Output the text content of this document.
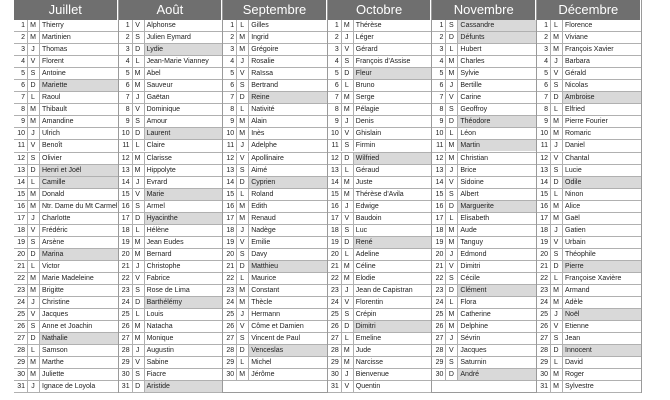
Juillet
1 M Thierry
2 M Martinien
3 J	Thomas
4 V Florent
5 S Antoine
6 D Mariette
7 L	Raoul
8 M Thibault
9 M Amandine
10 J	Ulrich
11 V Benoît
12 S Olivier
13 D Henri et Joël
14 L	Camille
15 M Donald
16 M Ntr. Dame du Mt Carmel
17 J	Charlotte
18 V Frédéric
19 S Arsène
20 D Marina
21 L	Victor
22 M Marie Madeleine
23 M Brigitte
24 J	Christine
25 V Jacques
26 S Anne et Joachin
27 D Nathalie
28 L	Samson
29 M Marthe
30 M Juliette
31 J	Ignace de Loyola
Août
1 V Alphonse
2 S Julien Eymard
3 D Lydie
4 L	Jean-Marie Vianney
5 M Abel
6 M Sauveur
7 J	Gaëtan
8 V Dominique
9 S Amour
10 D Laurent
11 L	Claire
12 M Clarisse
13 M Hippolyte
14 J	Evrard
15 V Marie
16 S Armel
17 D Hyacinthe
18 L	Hélène
19 M Jean Eudes
20 M Bernard
21 J	Christophe
22 V Fabrice
23 S Rose de Lima
24 D Barthélémy
25 L	Louis
26 M Natacha
27 M Monique
28 J	Augustin
29 V Sabine
30 S Fiacre
31 D Aristide
Septembre
1 L	Gilles
2 M Ingrid
3 M Grégoire
4 J	Rosalie
5 V Raïssa
6 S Bertrand
7 D Reine
8 L	Nativité
9 M Alain
10 M Inès
11 J	Adelphe
12 V Apollinaire
13 S Aimé
14 D Cyprien
15 L	Roland
16 M Edith
17 M Renaud
18 J	Nadège
19 V Emilie
20 S Davy
21 D Matthieu
22 L	Maurice
23 M Constant
24 M Thècle
25 J	Hermann
26 V Côme et Damien
27 S Vincent de Paul
28 D Venceslas
29 L	Michel
30 M Jérôme
Octobre
1 M Thérèse
2 J	Léger
3 V Gérard
4 S François d'Assise
5 D Fleur
6 L	Bruno
7 M Serge
8 M Pélagie
9 J	Denis
10 V Ghislain
11 S Firmin
12 D Wilfried
13 L	Géraud
14 M Juste
15 M Thérèse d'Avila
16 J	Edwige
17 V Baudoin
18 S Luc
19 D René
20 L	Adeline
21 M Céline
22 M Elodie
23 J	Jean de Capistran
24 V Florentin
25 S Crépin
26 D Dimitri
27 L	Emeline
28 M Jude
29 M Narcisse
30 J	Bienvenue
31 V Quentin
Novembre
1 S Cassandre
2 D Défunts
3 L	Hubert
4 M Charles
5 M Sylvie
6 J	Bertille
7 V Carine
8 S Geoffroy
9 D Théodore
10 L	Léon
11 M Martin
12 M Christian
13 J	Brice
14 V Sidoine
15 S Albert
16 D Marguerite
17 L	Elisabeth
18 M Aude
19 M Tanguy
20 J	Edmond
21 V Dimitri
22 S Cécile
23 D Clément
24 L	Flora
25 M Catherine
26 M Delphine
27 J	Sévrin
28 V Jacques
29 S Saturnin
30 D André
Décembre
1 L	Florence
2 M Viviane
3 M François Xavier
4 J	Barbara
5 V Gérald
6 S Nicolas
7 D Ambroise
8 L	Elfried
9 M Pierre Fourier
10 M Romaric
11 J	Daniel
12 V Chantal
13 S Lucie
14 D Odile
15 L	Ninon
16 M Alice
17 M Gaël
18 J	Gatien
19 V Urbain
20 S Théophile
21 D Pierre
22 L	Françoise Xavière
23 M Armand
24 M Adèle
25 J	Noël
26 V Etienne
27 S Jean
28 D Innocent
29 L	David
30 M Roger
31 M Sylvestre
